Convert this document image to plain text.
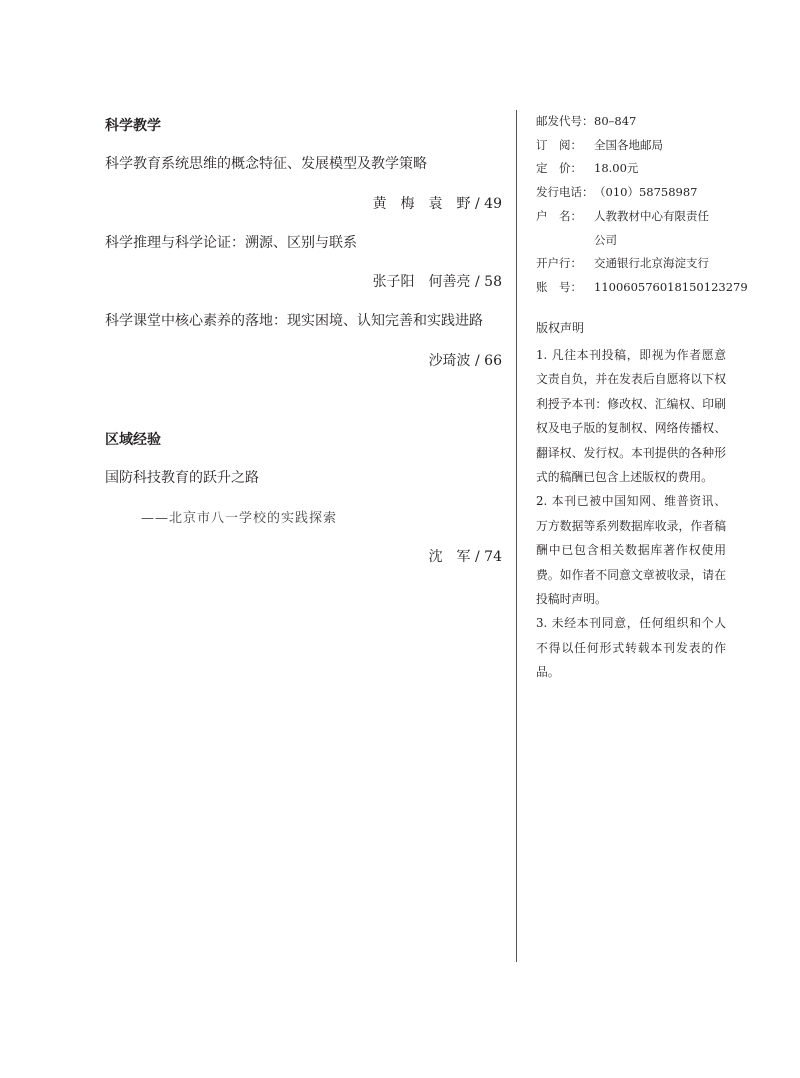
科学教学
科学教育系统思维的概念特征、发展模型及教学策略
黄　梅　袁　野 / 49
科学推理与科学论证：溯源、区别与联系
张子阳　何善亮 / 58
科学课堂中核心素养的落地：现实困境、认知完善和实践进路
沙琦波 / 66
区域经验
国防科技教育的跃升之路
——北京市八一学校的实践探索
沈　军 / 74
邮发代号： 80–847
订　阅：	全国各地邮局
定　价：	18.00元
发行电话： （010）58758987
户　名：	人教教材中心有限责任
公司
开户行：	交通银行北京海淀支行
账　号：	110060576018150123279
版权声明

1. 凡往本刊投稿，即视为作者愿意文责自负，并在发表后自愿将以下权利授予本刊：修改权、汇编权、印刷权及电子版的复制权、网络传播权、翻译权、发行权。本刊提供的各种形式的稿酬已包含上述版权的费用。

2. 本刊已被中国知网、维普资讯、万方数据等系列数据库收录，作者稿酬中已包含相关数据库著作权使用费。如作者不同意文章被收录，请在投稿时声明。

3. 未经本刊同意，任何组织和个人不得以任何形式转载本刊发表的作品。
